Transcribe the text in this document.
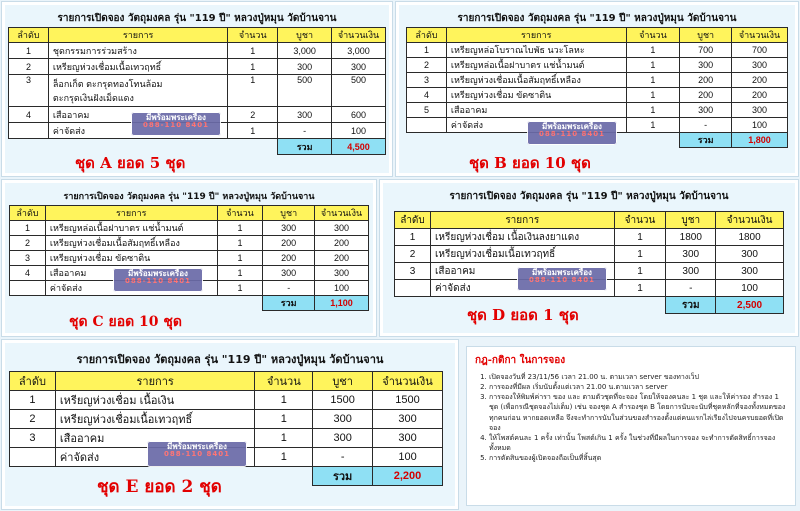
รายการเปิดจอง วัตถุมงคล รุ่น "119 ปี" หลวงปู่หมุน วัดบ้านจาน
ลำดับ	รายการ	จำนวน	บูชา	จำนวนเงิน
1	ชุดกรรมการร่วมสร้าง	1	3,000	3,000
2	เหรียญห่วงเชื่อมเนื้อเทวฤทธิ์	1	300	300
3	ล็อกเก็ต ตะกรุดทองโทนล้อม
ตะกรุดเงินฝังเม็ดแดง	1	500	500
4	เสืออาคม	2	300	600
	ค่าจัดส่ง	1	-	100
			รวม	4,500
ชุด A ยอด 5 ชุด
มีพร้อมพระเครื่อง
088-110 8401
รายการเปิดจอง วัตถุมงคล รุ่น "119 ปี" หลวงปู่หมุน วัดบ้านจาน
ลำดับ	รายการ	จำนวน	บูชา	จำนวนเงิน
1	เหรียญหล่อโบราณไบพัธ นวะโลหะ	1	700	700
2	เหรียญหล่อเนื้อฝาบาตร แช่น้ำมนต์	1	300	300
3	เหรียญห่วงเชื่อมเนื้อสัมฤทธิ์เหลือง	1	200	200
4	เหรียญห่วงเชื่อม ขัดซาติน	1	200	200
5	เสืออาคม	1	300	300
	ค่าจัดส่ง	1	-	100
			รวม	1,800
ชุด B ยอด 10 ชุด
มีพร้อมพระเครื่อง
088-110 8401
รายการเปิดจอง วัตถุมงคล รุ่น "119 ปี" หลวงปู่หมุน วัดบ้านจาน
ลำดับ	รายการ	จำนวน	บูชา	จำนวนเงิน
1	เหรียญหล่อเนื้อฝาบาตร แช่น้ำมนต์	1	300	300
2	เหรียญห่วงเชื่อมเนื้อสัมฤทธิ์เหลือง	1	200	200
3	เหรียญห่วงเชื่อม ขัดซาติน	1	200	200
4	เสืออาคม	1	300	300
	ค่าจัดส่ง	1	-	100
			รวม	1,100
ชุด C ยอด 10 ชุด
มีพร้อมพระเครื่อง
088-110 8401
รายการเปิดจอง วัตถุมงคล รุ่น "119 ปี" หลวงปู่หมุน วัดบ้านจาน
ลำดับ	รายการ	จำนวน	บูชา	จำนวนเงิน
1	เหรียญห่วงเชื่อม เนื้อเงินลงยาแดง	1	1800	1800
2	เหรียญห่วงเชื่อมเนื้อเทวฤทธิ์	1	300	300
3	เสืออาคม	1	300	300
	ค่าจัดส่ง	1	-	100
			รวม	2,500
ชุด D ยอด 1 ชุด
มีพร้อมพระเครื่อง
088-110 8401
รายการเปิดจอง วัตถุมงคล รุ่น "119 ปี" หลวงปู่หมุน วัดบ้านจาน
ลำดับ	รายการ	จำนวน	บูชา	จำนวนเงิน
1	เหรียญห่วงเชื่อม เนื้อเงิน	1	1500	1500
2	เหรียญห่วงเชื่อมเนื้อเทวฤทธิ์	1	300	300
3	เสืออาคม	1	300	300
	ค่าจัดส่ง	1	-	100
			รวม	2,200
ชุด E ยอด 2 ชุด
มีพร้อมพระเครื่อง
088-110 8401
กฎ-กติกา ในการจอง
1. เปิดจองวันที่ 23/11/56 เวลา 21.00 น. ตามเวลา server ของทางเว็ป
2. การจองที่มีผล เริ่มนับตั้งแต่เวลา 21.00 น.ตามเวลา server
3. การจองให้พิมพ์ค่ารา ของ และ ตามตัวชุดที่จะจอง โดยให้จองคนละ 1 ชุด และให้ค่ารอง สำรอง 1 ชุด (เพื่อกรณีชุดจองไม่เต็ม) เช่น จองชุด A สำรองชุด B โดยการนับจะนับที่ชุดหลักที่จองทั้งหมดของทุกคนก่อน หากยอดเหลือ จึงจะทำการนับในส่วนของสำรองตั้งแต่คนแรกไล่เรียงไปจนครบยอดที่เปิดจอง
4. ให้โพสต์คนละ 1 ครั้ง เท่านั้น โพสต์เกิน 1 ครั้ง ในช่วงที่มีผลในการจอง จะทำการตัดสิทธิ์การจองทั้งหมด
5. การตัดสินของผู้เปิดจองถือเป็นที่สิ้นสุด
